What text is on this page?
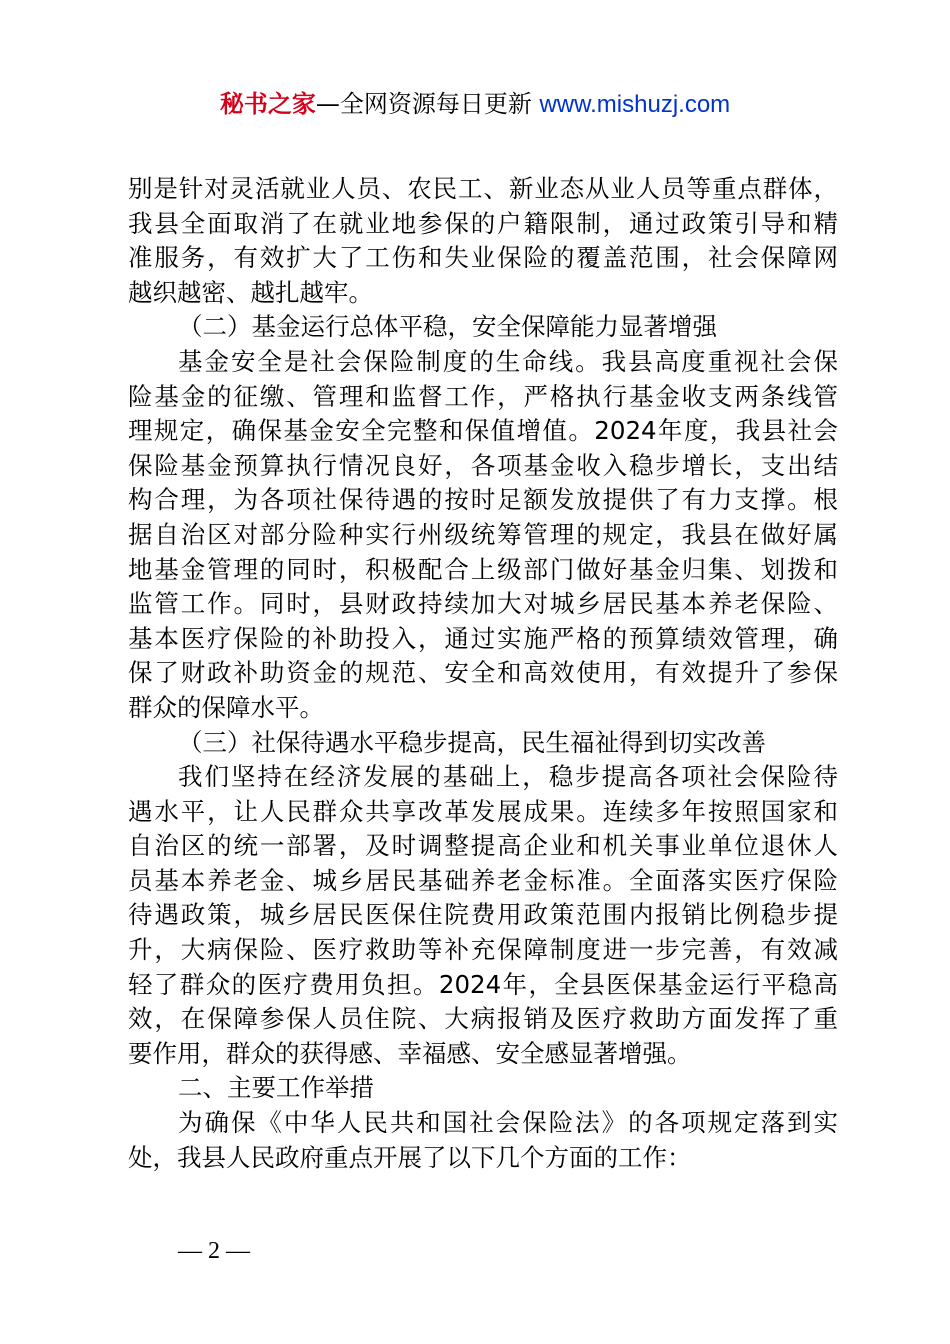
秘书之家—全网资源每日更新 www.mishuzj.com
别是针对灵活就业人员、农民工、新业态从业人员等重点群体，
我县全面取消了在就业地参保的户籍限制，通过政策引导和精
准服务，有效扩大了工伤和失业保险的覆盖范围，社会保障网
越织越密、越扎越牢。
（二）基金运行总体平稳，安全保障能力显著增强
基金安全是社会保险制度的生命线。我县高度重视社会保
险基金的征缴、管理和监督工作，严格执行基金收支两条线管
理规定，确保基金安全完整和保值增值。2024年度，我县社会
保险基金预算执行情况良好，各项基金收入稳步增长，支出结
构合理，为各项社保待遇的按时足额发放提供了有力支撑。根
据自治区对部分险种实行州级统筹管理的规定，我县在做好属
地基金管理的同时，积极配合上级部门做好基金归集、划拨和
监管工作。同时，县财政持续加大对城乡居民基本养老保险、
基本医疗保险的补助投入，通过实施严格的预算绩效管理，确
保了财政补助资金的规范、安全和高效使用，有效提升了参保
群众的保障水平。
（三）社保待遇水平稳步提高，民生福祉得到切实改善
我们坚持在经济发展的基础上，稳步提高各项社会保险待
遇水平，让人民群众共享改革发展成果。连续多年按照国家和
自治区的统一部署，及时调整提高企业和机关事业单位退休人
员基本养老金、城乡居民基础养老金标准。全面落实医疗保险
待遇政策，城乡居民医保住院费用政策范围内报销比例稳步提
升，大病保险、医疗救助等补充保障制度进一步完善，有效减
轻了群众的医疗费用负担。2024年，全县医保基金运行平稳高
效，在保障参保人员住院、大病报销及医疗救助方面发挥了重
要作用，群众的获得感、幸福感、安全感显著增强。
二、主要工作举措
为确保《中华人民共和国社会保险法》的各项规定落到实
处，我县人民政府重点开展了以下几个方面的工作：
— 2 —
